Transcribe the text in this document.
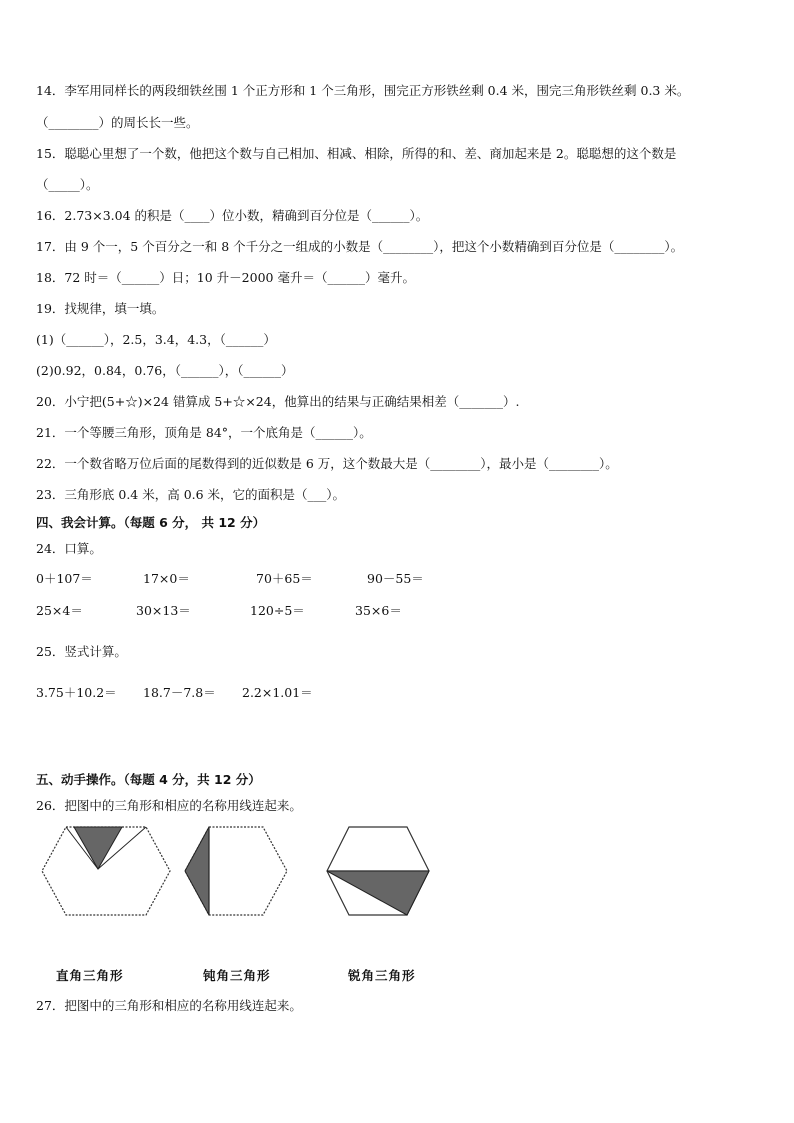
14．李军用同样长的两段细铁丝围 1 个正方形和 1 个三角形，围完正方形铁丝剩 0.4 米，围完三角形铁丝剩 0.3 米。
（________）的周长长一些。
15．聪聪心里想了一个数，他把这个数与自己相加、相减、相除，所得的和、差、商加起来是 2。聪聪想的这个数是
（_____）。
16．2.73×3.04 的积是（____）位小数，精确到百分位是（______）。
17．由 9 个一，5 个百分之一和 8 个千分之一组成的小数是（________），把这个小数精确到百分位是（________）。
18．72 时＝（______）日；10 升－2000 毫升＝（______）毫升。
19．找规律，填一填。
(1)（______），2.5，3.4，4.3，（______）
(2)0.92，0.84，0.76，（______），（______）
20．小宁把(5+☆)×24 错算成 5+☆×24，他算出的结果与正确结果相差（_______）.
21．一个等腰三角形，顶角是 84°，一个底角是（______）。
22．一个数省略万位后面的尾数得到的近似数是 6 万，这个数最大是（________），最小是（________）。
23．三角形底 0.4 米，高 0.6 米，它的面积是（___）。
四、我会计算。（每题 6 分， 共 12 分）
24．口算。
0＋107＝	17×0＝	70＋65＝	90－55＝
25×4＝	30×13＝	120÷5＝	35×6＝
25．竖式计算。
3.75＋10.2＝ 18.7－7.8＝ 2.2×1.01＝
五、动手操作。（每题 4 分，共 12 分）
26．把图中的三角形和相应的名称用线连起来。
直角三角形	钝角三角形	锐角三角形
27．把图中的三角形和相应的名称用线连起来。
